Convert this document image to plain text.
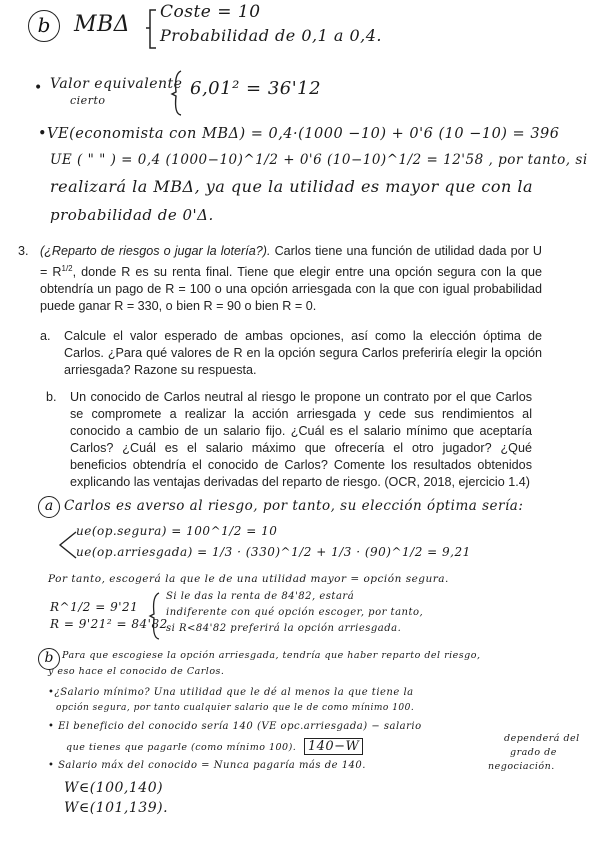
b	MBΔ Coste = 10
Probabilidad de 0,1 a 0,4.
• Valor equivalente
cierto
6,01² = 36'12
•VE(economista con MBΔ) = 0,4·(1000 −10) + 0'6 (10 −10) = 396
UE ( " " ) = 0,4 (1000−10)^1/2 + 0'6 (10−10)^1/2 = 12'58 , por tanto, si
realizará la MBΔ, ya que la utilidad es mayor que con la
probabilidad de 0'Δ.
3. (¿Reparto de riesgos o jugar la lotería?). Carlos tiene una función de utilidad dada por $U = R^{1/2}$, donde R es su renta final. Tiene que elegir entre una opción segura con la que obtendría un pago de R = 100 o una opción arriesgada con la que con igual probabilidad puede ganar R = 330, o bien R = 90 o bien R = 0.
a. Calcule el valor esperado de ambas opciones, así como la elección óptima de Carlos. ¿Para qué valores de R en la opción segura Carlos preferiría elegir la opción arriesgada? Razone su respuesta.
b. Un conocido de Carlos neutral al riesgo le propone un contrato por el que Carlos se compromete a realizar la acción arriesgada y cede sus rendimientos al conocido a cambio de un salario fijo. ¿Cuál es el salario mínimo que aceptaría Carlos? ¿Cuál es el salario máximo que ofrecería el otro jugador? ¿Qué beneficios obtendría el conocido de Carlos? Comente los resultados obtenidos explicando las ventajas derivadas del reparto de riesgo. (OCR, 2018, ejercicio 1.4)
a Carlos es averso al riesgo, por tanto, su elección óptima sería:
ue(op.segura) = 100^1/2 = 10
ue(op.arriesgada) = 1/3 · (330)^1/2 + 1/3 · (90)^1/2 = 9,21
Por tanto, escogerá la que le de una utilidad mayor = opción segura.
R^1/2 = 9'21
R = 9'21² = 84'82
Si le das la renta de 84'82, estará
indiferente con qué opción escoger, por tanto,
si R<84'82 preferirá la opción arriesgada.
b Para que escogiese la opción arriesgada, tendría que haber reparto del riesgo,
y eso hace el conocido de Carlos.
•¿Salario mínimo? Una utilidad que le dé al menos la que tiene la
opción segura, por tanto cualquier salario que le de como mínimo 100.
• El beneficio del conocido sería 140 (VE opc.arriesgada) − salario
que tienes que pagarle (como mínimo 100). 140−W
dependerá del
grado de
• Salario máx del conocido = Nunca pagaría más de 140.	negociación.
W∈(100,140)
W∈(101,139).
